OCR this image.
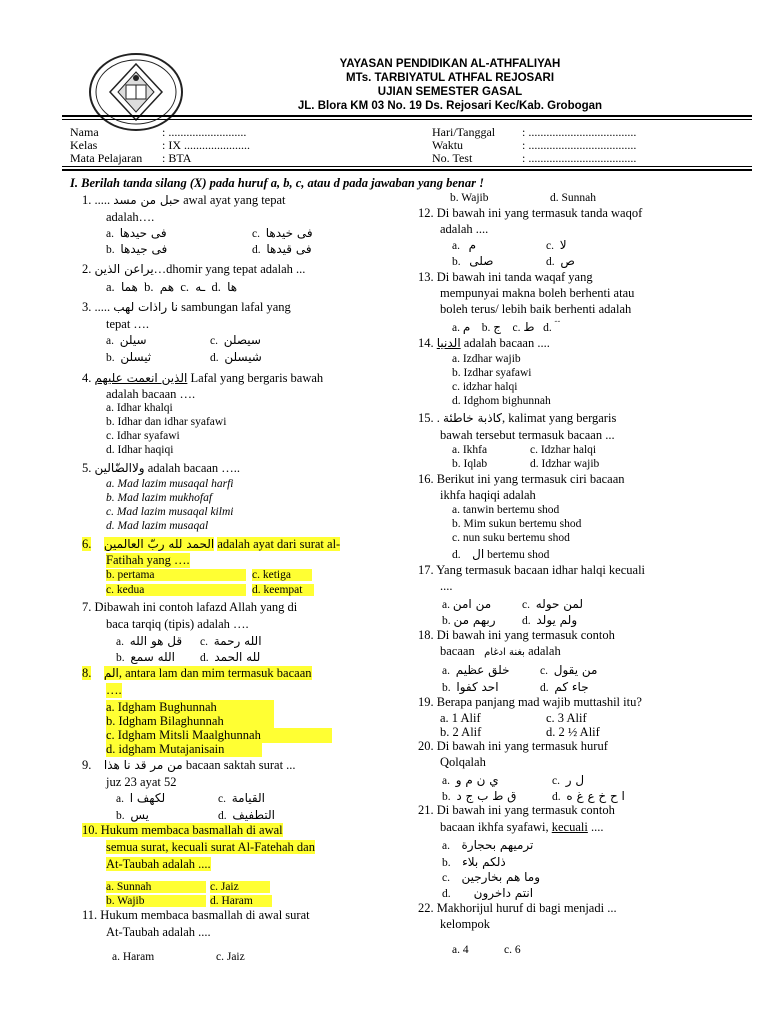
YAYASAN PENDIDIKAN AL-ATHFALIYAH
MTs. TARBIYATUL ATHFAL REJOSARI
UJIAN SEMESTER GASAL
JL. Blora KM 03 No. 19 Ds. Rejosari Kec/Kab. Grobogan
Nama	: ..........................
Kelas	: IX ......................
Mata Pelajaran : BTA
Hari/Tanggal : ....................................
Waktu	: ....................................
No. Test	: ....................................
I. Berilah tanda silang (X) pada huruf a, b, c, atau d pada jawaban yang benar !
1. ..... حبل من مسد awal ayat yang tepat
adalah….
a. فى حيدها	c. فى خيدها
b. فى جيدها	d. فى قيدها
2. يراعن الذين…dhomir yang tepat adalah ...
a. هما b. هم c. ـه d. ها
3. ..... نا راذات لهب sambungan lafal yang
tepat ….
a. سيلن	c. سيصلن
b. ثيسلن	d. شيسلن
4. الذين انعمت عليهم Lafal yang bergaris bawah
adalah bacaan ….
a. Idhar khalqi
b. Idhar dan idhar syafawi
c. Idhar syafawi
d. Idhar haqiqi
5. ولاالضّالين adalah bacaan …..
a. Mad lazim musaqal harfi
b. Mad lazim mukhofaf
c. Mad lazim musaqal kilmi
d. Mad lazim musaqal
6. الحمد لله ربّ العالمين adalah ayat dari surat al-
Fatihah yang ….
b. pertama	c. ketiga
c. kedua	d. keempat
7. Dibawah ini contoh lafazd Allah yang di
baca tarqiq (tipis) adalah ….
a. قل هو الله c. الله رحمة
b. الله سمع d. لله الحمد
8. الم, antara lam dan mim termasuk bacaan
….
a. Idgham Bughunnah
b. Idgham Bilaghunnah
c. Idgham Mitsli Maalghunnah
d. idgham Mutajanisain
9. من مر قد نا هذا bacaan saktah surat ...
juz 23 ayat 52
a. لكهف ا	c. القيامة
b. يس	d. التطفيف
10. Hukum membaca basmallah di awal
semua surat, kecuali surat Al-Fatehah dan
At-Taubah adalah ....
a. Sunnah	c. Jaiz
b. Wajib	d. Haram
11. Hukum membaca basmallah di awal surat
At-Taubah adalah ....
a. Haram	c. Jaiz
b. Wajib	d. Sunnah
12. Di bawah ini yang termasuk tanda waqof
adalah ....
a. م	c. لا
b. صلى	d. ص
13. Di bawah ini tanda waqaf yang
mempunyai makna boleh berhenti atau
boleh terus/ lebih baik berhenti adalah
a. م b. ج c. ط d. ۘ ۘ
14. الدنيا adalah bacaan ....
a. Izdhar wajib
b. Izdhar syafawi
c. idzhar halqi
d. Idghom bighunnah
15. . كاذبة خاطئة, kalimat yang bergaris
bawah tersebut termasuk bacaan ...
a. Ikhfa	c. Idzhar halqi
b. Iqlab	d. Idzhar wajib
16. Berikut ini yang termasuk ciri bacaan
ikhfa haqiqi adalah
a. tanwin bertemu shod
b. Mim sukun bertemu shod
c. nun suku bertemu shod
d. ال bertemu shod
17. Yang termasuk bacaan idhar halqi kecuali
....
a. من امن	c. لمن حوله
b. ربهم من d. ولم يولد
18. Di bawah ini yang termasuk contoh
bacaan بغنة ادغام adalah
a. خلق عظيم	c. من يقول
b. احد كفوا	d. جاء كم
19. Berapa panjang mad wajib muttashil itu?
a. 1 Alif	c. 3 Alif
b. 2 Alif	d. 2 ½ Alif
20. Di bawah ini yang termasuk huruf
Qolqalah
a. ي ن م و	c. ل ر
b. ق ط ب ج د	d. ا ح خ ع غ ه
21. Di bawah ini yang termasuk contoh
bacaan ikhfa syafawi, kecuali ....
a. ترميهم بحجارة
b. ذلكم بلاء
c. وما هم بخارجين
d. انتم داخرون
22. Makhorijul huruf di bagi menjadi ...
kelompok
a. 4	c. 6
